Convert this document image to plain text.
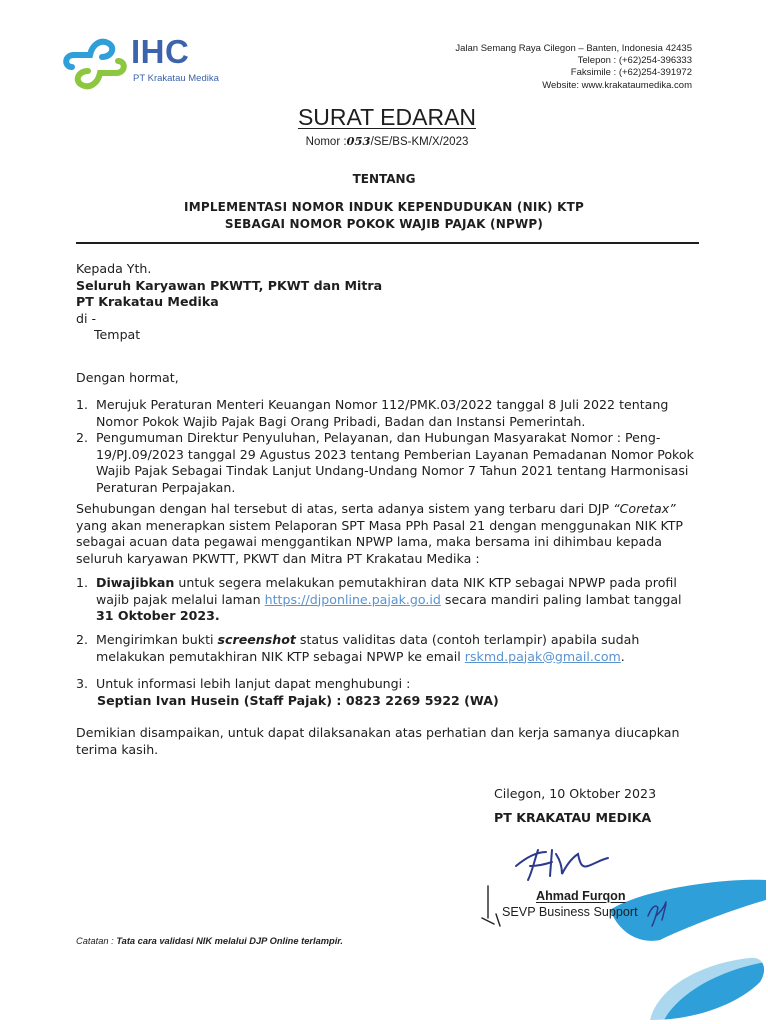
IHC
PT Krakatau Medika
Jalan Semang Raya Cilegon – Banten, Indonesia 42435
Telepon : (+62)254-396333
Faksimile : (+62)254-391972
Website: www.krakataumedika.com
SURAT EDARAN
Nomor :053/SE/BS-KM/X/2023
TENTANG
IMPLEMENTASI NOMOR INDUK KEPENDUDUKAN (NIK) KTP
SEBAGAI NOMOR POKOK WAJIB PAJAK (NPWP)
Kepada Yth.
Seluruh Karyawan PKWTT, PKWT dan Mitra
PT Krakatau Medika
di -
Tempat
Dengan hormat,
1. Merujuk Peraturan Menteri Keuangan Nomor 112/PMK.03/2022 tanggal 8 Juli 2022 tentang
Nomor Pokok Wajib Pajak Bagi Orang Pribadi, Badan dan Instansi Pemerintah.
2. Pengumuman Direktur Penyuluhan, Pelayanan, dan Hubungan Masyarakat Nomor : Peng-
19/PJ.09/2023 tanggal 29 Agustus 2023 tentang Pemberian Layanan Pemadanan Nomor Pokok
Wajib Pajak Sebagai Tindak Lanjut Undang-Undang Nomor 7 Tahun 2021 tentang Harmonisasi
Peraturan Perpajakan.
Sehubungan dengan hal tersebut di atas, serta adanya sistem yang terbaru dari DJP “Coretax”
yang akan menerapkan sistem Pelaporan SPT Masa PPh Pasal 21 dengan menggunakan NIK KTP
sebagai acuan data pegawai menggantikan NPWP lama, maka bersama ini dihimbau kepada
seluruh karyawan PKWTT, PKWT dan Mitra PT Krakatau Medika :
1. Diwajibkan untuk segera melakukan pemutakhiran data NIK KTP sebagai NPWP pada profil
wajib pajak melalui laman https://djponline.pajak.go.id secara mandiri paling lambat tanggal
31 Oktober 2023.
2. Mengirimkan bukti screenshot status validitas data (contoh terlampir) apabila sudah
melakukan pemutakhiran NIK KTP sebagai NPWP ke email rskmd.pajak@gmail.com.
3. Untuk informasi lebih lanjut dapat menghubungi :
Septian Ivan Husein (Staff Pajak) : 0823 2269 5922 (WA)
Demikian disampaikan, untuk dapat dilaksanakan atas perhatian dan kerja samanya diucapkan
terima kasih.
Cilegon, 10 Oktober 2023
PT KRAKATAU MEDIKA
Ahmad Furqon
SEVP Business Support
Catatan : Tata cara validasi NIK melalui DJP Online terlampir.
